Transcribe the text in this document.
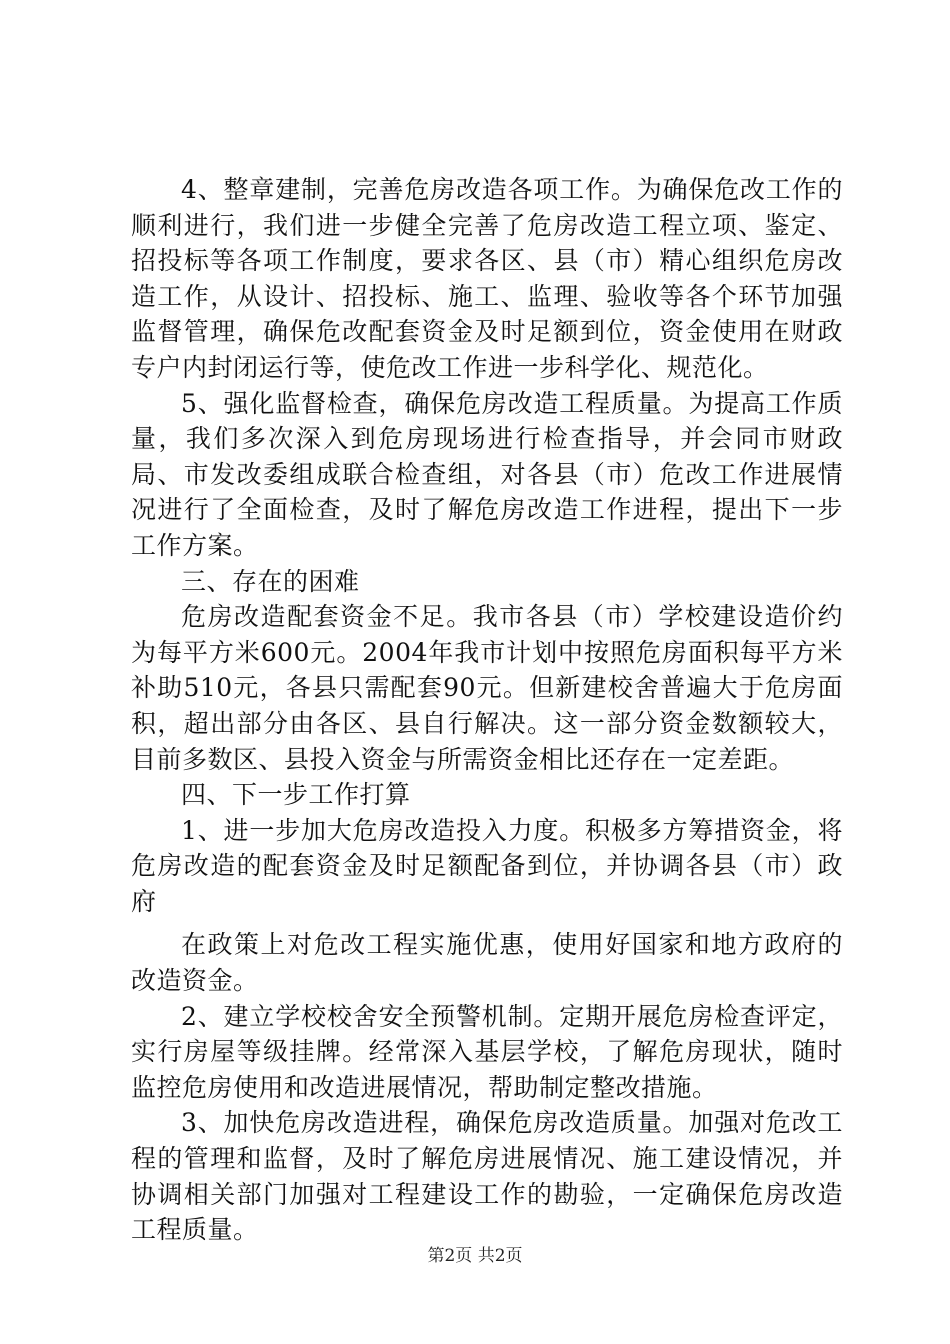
4、整章建制，完善危房改造各项工作。为确保危改工作的顺利进行，我们进一步健全完善了危房改造工程立项、鉴定、招投标等各项工作制度，要求各区、县（市）精心组织危房改造工作，从设计、招投标、施工、监理、验收等各个环节加强监督管理，确保危改配套资金及时足额到位，资金使用在财政专户内封闭运行等，使危改工作进一步科学化、规范化。

5、强化监督检查，确保危房改造工程质量。为提高工作质量，我们多次深入到危房现场进行检查指导，并会同市财政局、市发改委组成联合检查组，对各县（市）危改工作进展情况进行了全面检查，及时了解危房改造工作进程，提出下一步工作方案。

三、存在的困难

危房改造配套资金不足。我市各县（市）学校建设造价约为每平方米600元。2004年我市计划中按照危房面积每平方米补助510元，各县只需配套90元。但新建校舍普遍大于危房面积，超出部分由各区、县自行解决。这一部分资金数额较大，目前多数区、县投入资金与所需资金相比还存在一定差距。

四、下一步工作打算

1、进一步加大危房改造投入力度。积极多方筹措资金，将危房改造的配套资金及时足额配备到位，并协调各县（市）政府

在政策上对危改工程实施优惠，使用好国家和地方政府的改造资金。

2、建立学校校舍安全预警机制。定期开展危房检查评定，实行房屋等级挂牌。经常深入基层学校，了解危房现状，随时监控危房使用和改造进展情况，帮助制定整改措施。

3、加快危房改造进程，确保危房改造质量。加强对危改工程的管理和监督，及时了解危房进展情况、施工建设情况，并协调相关部门加强对工程建设工作的勘验，一定确保危房改造工程质量。

第2页 共2页
